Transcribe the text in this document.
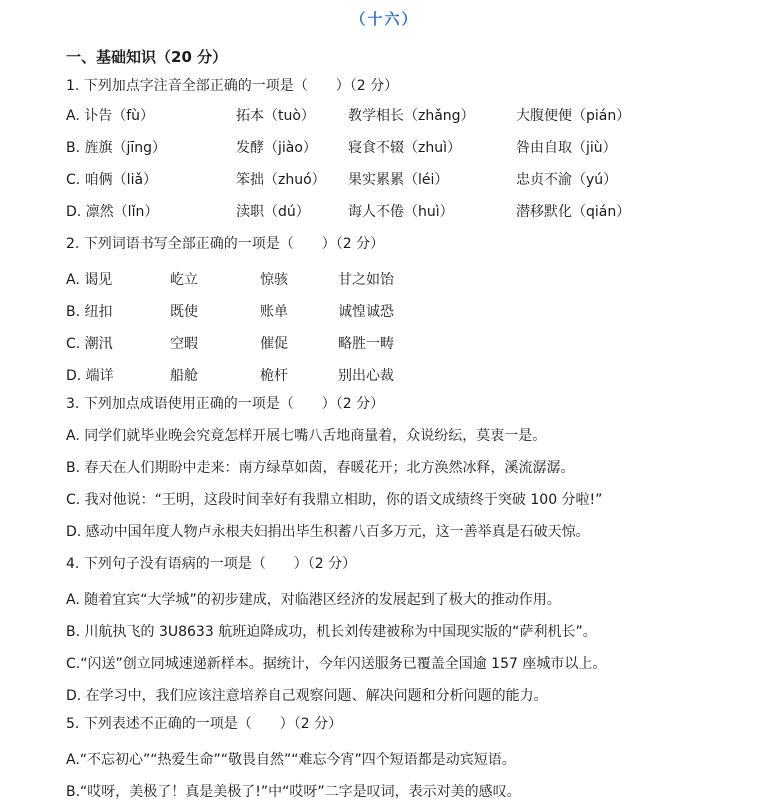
（十六）
一、基础知识（20 分）
1. 下列加点字注音全部正确的一项是（　　）（2 分）
A. 讣告（fù）	拓本（tuò） 教学相长（zhǎng）	大腹便便（pián）
B. 旌旗（jīng）	发酵（jiào） 寝食不辍（zhuì）	咎由自取（jiù）
C. 咱俩（liǎ）	笨拙（zhuó） 果实累累（léi）	忠贞不渝（yú）
D. 凛然（lǐn）	渎职（dú）	诲人不倦（huì）	潜移默化（qián）
2. 下列词语书写全部正确的一项是（　　）（2 分）
A. 谒见	屹立	惊骇	甘之如饴
B. 纽扣	既使	账单	诚惶诚恐
C. 潮汛	空暇	催促	略胜一畴
D. 端详	船舱	桅杆	别出心裁
3. 下列加点成语使用正确的一项是（　　）（2 分）
A. 同学们就毕业晚会究竟怎样开展七嘴八舌地商量着，众说纷纭，莫衷一是。
B. 春天在人们期盼中走来：南方绿草如茵，春暖花开；北方涣然冰释，溪流潺潺。
C. 我对他说：“王明，这段时间幸好有我鼎立相助，你的语文成绩终于突破 100 分啦!”
D. 感动中国年度人物卢永根夫妇捐出毕生积蓄八百多万元，这一善举真是石破天惊。
4. 下列句子没有语病的一项是（　　）（2 分）
A. 随着宜宾“大学城”的初步建成，对临港区经济的发展起到了极大的推动作用。
B. 川航执飞的 3U8633 航班迫降成功，机长刘传建被称为中国现实版的“萨利机长”。
C.“闪送”创立同城速递新样本。据统计，今年闪送服务已覆盖全国逾 157 座城市以上。
D. 在学习中，我们应该注意培养自己观察问题、解决问题和分析问题的能力。
5. 下列表述不正确的一项是（　　）（2 分）
A.“不忘初心”“热爱生命”“敬畏自然”“难忘今宵”四个短语都是动宾短语。
B.“哎呀，美极了！真是美极了!”中“哎呀”二字是叹词，表示对美的感叹。
